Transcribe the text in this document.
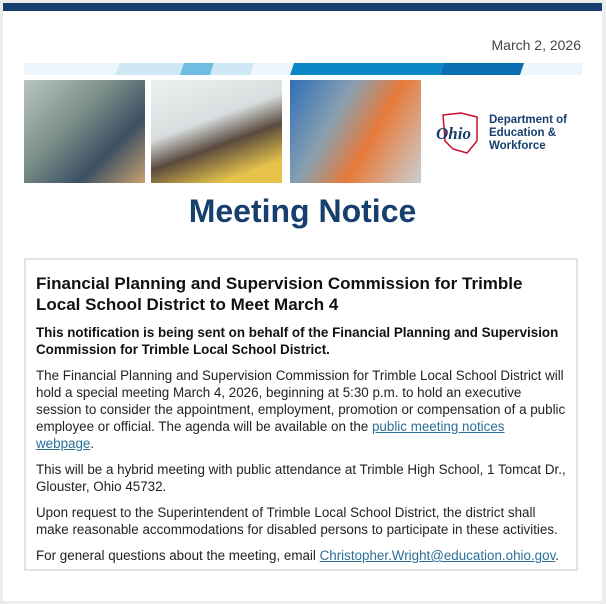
March 2, 2026
Ohio
Department of
Education &
Workforce
Meeting Notice
Financial Planning and Supervision Commission for Trimble Local School District to Meet March 4

This notification is being sent on behalf of the Financial Planning and Supervision Commission for Trimble Local School District.

The Financial Planning and Supervision Commission for Trimble Local School District will hold a special meeting March 4, 2026, beginning at 5:30 p.m. to hold an executive session to consider the appointment, employment, promotion or compensation of a public employee or official. The agenda will be available on the public meeting notices webpage.

This will be a hybrid meeting with public attendance at Trimble High School, 1 Tomcat Dr., Glouster, Ohio 45732.

Upon request to the Superintendent of Trimble Local School District, the district shall make reasonable accommodations for disabled persons to participate in these activities.

For general questions about the meeting, email Christopher.Wright@education.ohio.gov.
